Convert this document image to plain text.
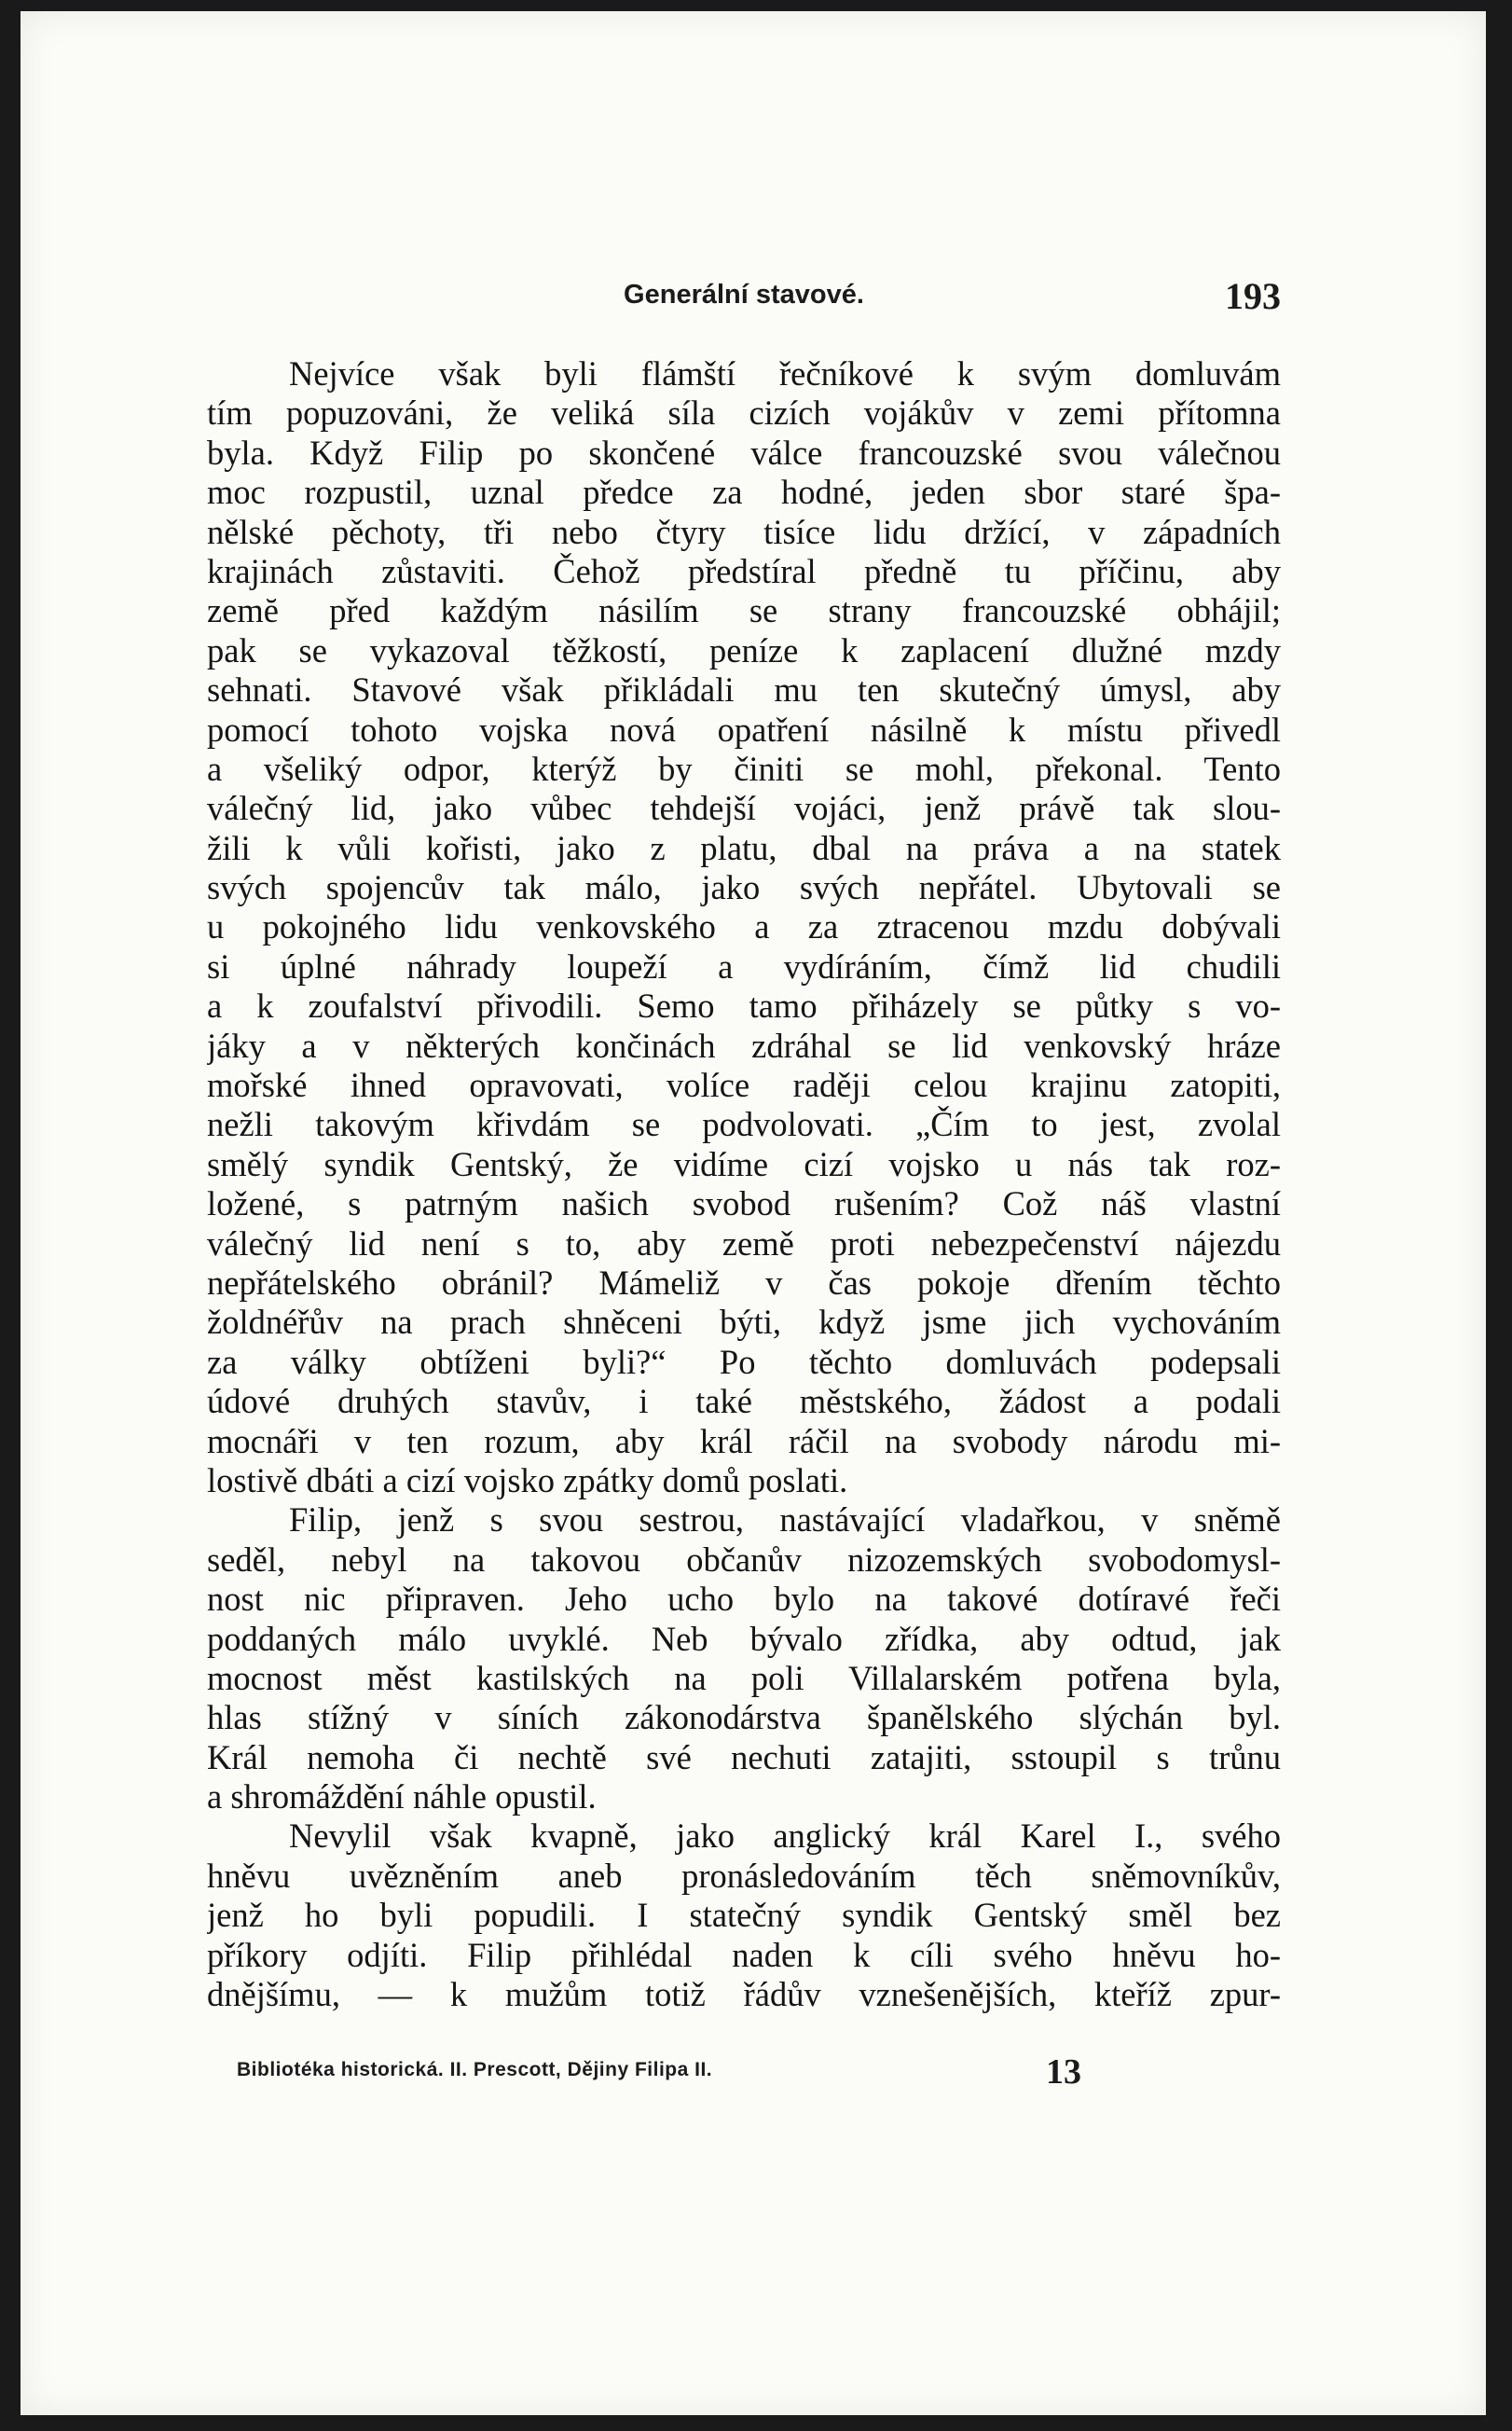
Generální stavové.	193
Nejvíce však byli flámští řečníkové k svým domluvám
tím popuzováni, že veliká síla cizích vojákův v zemi přítomna
byla. Když Filip po skončené válce francouzské svou válečnou
moc rozpustil, uznal předce za hodné, jeden sbor staré špa-
nělské pěchoty, tři nebo čtyry tisíce lidu držící, v západních
krajinách zůstaviti. Čehož předstíral předně tu příčinu, aby
zemĕ před každým násilím se strany francouzské obhájil;
pak se vykazoval těžkostí, peníze k zaplacení dlužné mzdy
sehnati. Stavové však přikládali mu ten skutečný úmysl, aby
pomocí tohoto vojska nová opatření násilně k místu přivedl
a všeliký odpor, kterýž by činiti se mohl, překonal. Tento
válečný lid, jako vůbec tehdejší vojáci, jenž právě tak slou-
žili k vůli kořisti, jako z platu, dbal na práva a na statek
svých spojencův tak málo, jako svých nepřátel. Ubytovali se
u pokojného lidu venkovského a za ztracenou mzdu dobývali
si úplné náhrady loupeží a vydíráním, čímž lid chudili
a k zoufalství přivodili. Semo tamo přiházely se půtky s vo-
jáky a v některých končinách zdráhal se lid venkovský hráze
mořské ihned opravovati, volíce raději celou krajinu zatopiti,
nežli takovým křivdám se podvolovati. „Čím to jest, zvolal
smělý syndik Gentský, že vidíme cizí vojsko u nás tak roz-
ložené, s patrným našich svobod rušením? Což náš vlastní
válečný lid není s to, aby země proti nebezpečenství nájezdu
nepřátelského obránil? Mámeliž v čas pokoje dřením těchto
žoldnéřův na prach shněceni býti, když jsme jich vychováním
za války obtíženi byli?“ Po těchto domluvách podepsali
údové druhých stavův, i také městského, žádost a podali
mocnáři v ten rozum, aby král ráčil na svobody národu mi-
lostivě dbáti a cizí vojsko zpátky domů poslati.
Filip, jenž s svou sestrou, nastávající vladařkou, v sněmě
seděl, nebyl na takovou občanův nizozemských svobodomysl-
nost nic připraven. Jeho ucho bylo na takové dotíravé řeči
poddaných málo uvyklé. Neb bývalo zřídka, aby odtud, jak
mocnost měst kastilských na poli Villalarském potřena byla,
hlas stížný v síních zákonodárstva španělského slýchán byl.
Král nemoha či nechtě své nechuti zatajiti, sstoupil s trůnu
a shromáždění náhle opustil.
Nevylil však kvapně, jako anglický král Karel I., svého
hněvu uvězněním aneb pronásledováním těch sněmovníkův,
jenž ho byli popudili. I statečný syndik Gentský směl bez
příkory odjíti. Filip přihlédal naden k cíli svého hněvu ho-
dnějšímu, — k mužům totiž řádův vznešenějších, kteříž zpur-
Bibliotéka historická. II. Prescott, Dějiny Filipa II.	13
